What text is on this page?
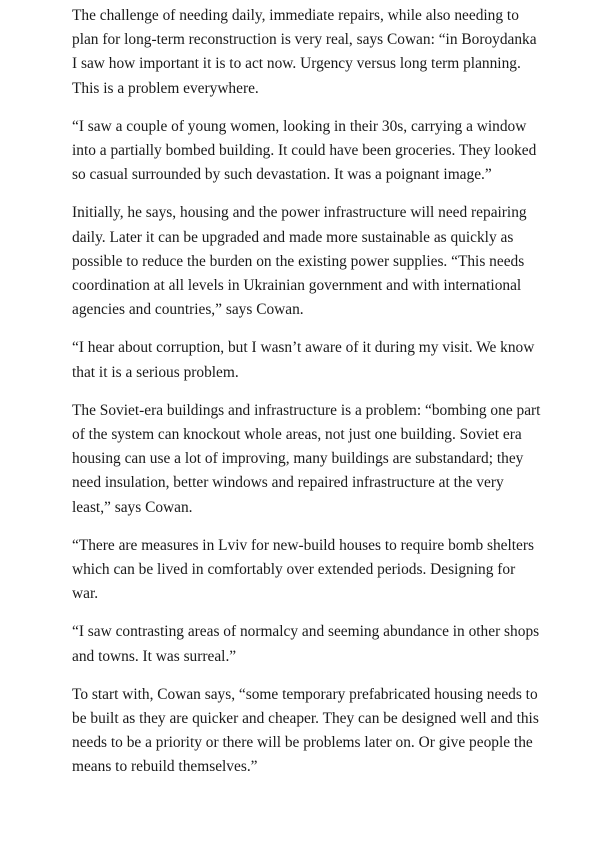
The challenge of needing daily, immediate repairs, while also needing to plan for long-term reconstruction is very real, says Cowan: “in Boroydanka I saw how important it is to act now. Urgency versus long term planning. This is a problem everywhere.

“I saw a couple of young women, looking in their 30s, carrying a window into a partially bombed building. It could have been groceries. They looked so casual surrounded by such devastation. It was a poignant image.”

Initially, he says, housing and the power infrastructure will need repairing daily. Later it can be upgraded and made more sustainable as quickly as possible to reduce the burden on the existing power supplies. “This needs coordination at all levels in Ukrainian government and with international agencies and countries,” says Cowan.

“I hear about corruption, but I wasn’t aware of it during my visit. We know that it is a serious problem.

The Soviet-era buildings and infrastructure is a problem: “bombing one part of the system can knockout whole areas, not just one building. Soviet era housing can use a lot of improving, many buildings are substandard; they need insulation, better windows and repaired infrastructure at the very least,” says Cowan.

“There are measures in Lviv for new-build houses to require bomb shelters which can be lived in comfortably over extended periods. Designing for war.

“I saw contrasting areas of normalcy and seeming abundance in other shops and towns. It was surreal.”

To start with, Cowan says, “some temporary prefabricated housing needs to be built as they are quicker and cheaper. They can be designed well and this needs to be a priority or there will be problems later on. Or give people the means to rebuild themselves.”
